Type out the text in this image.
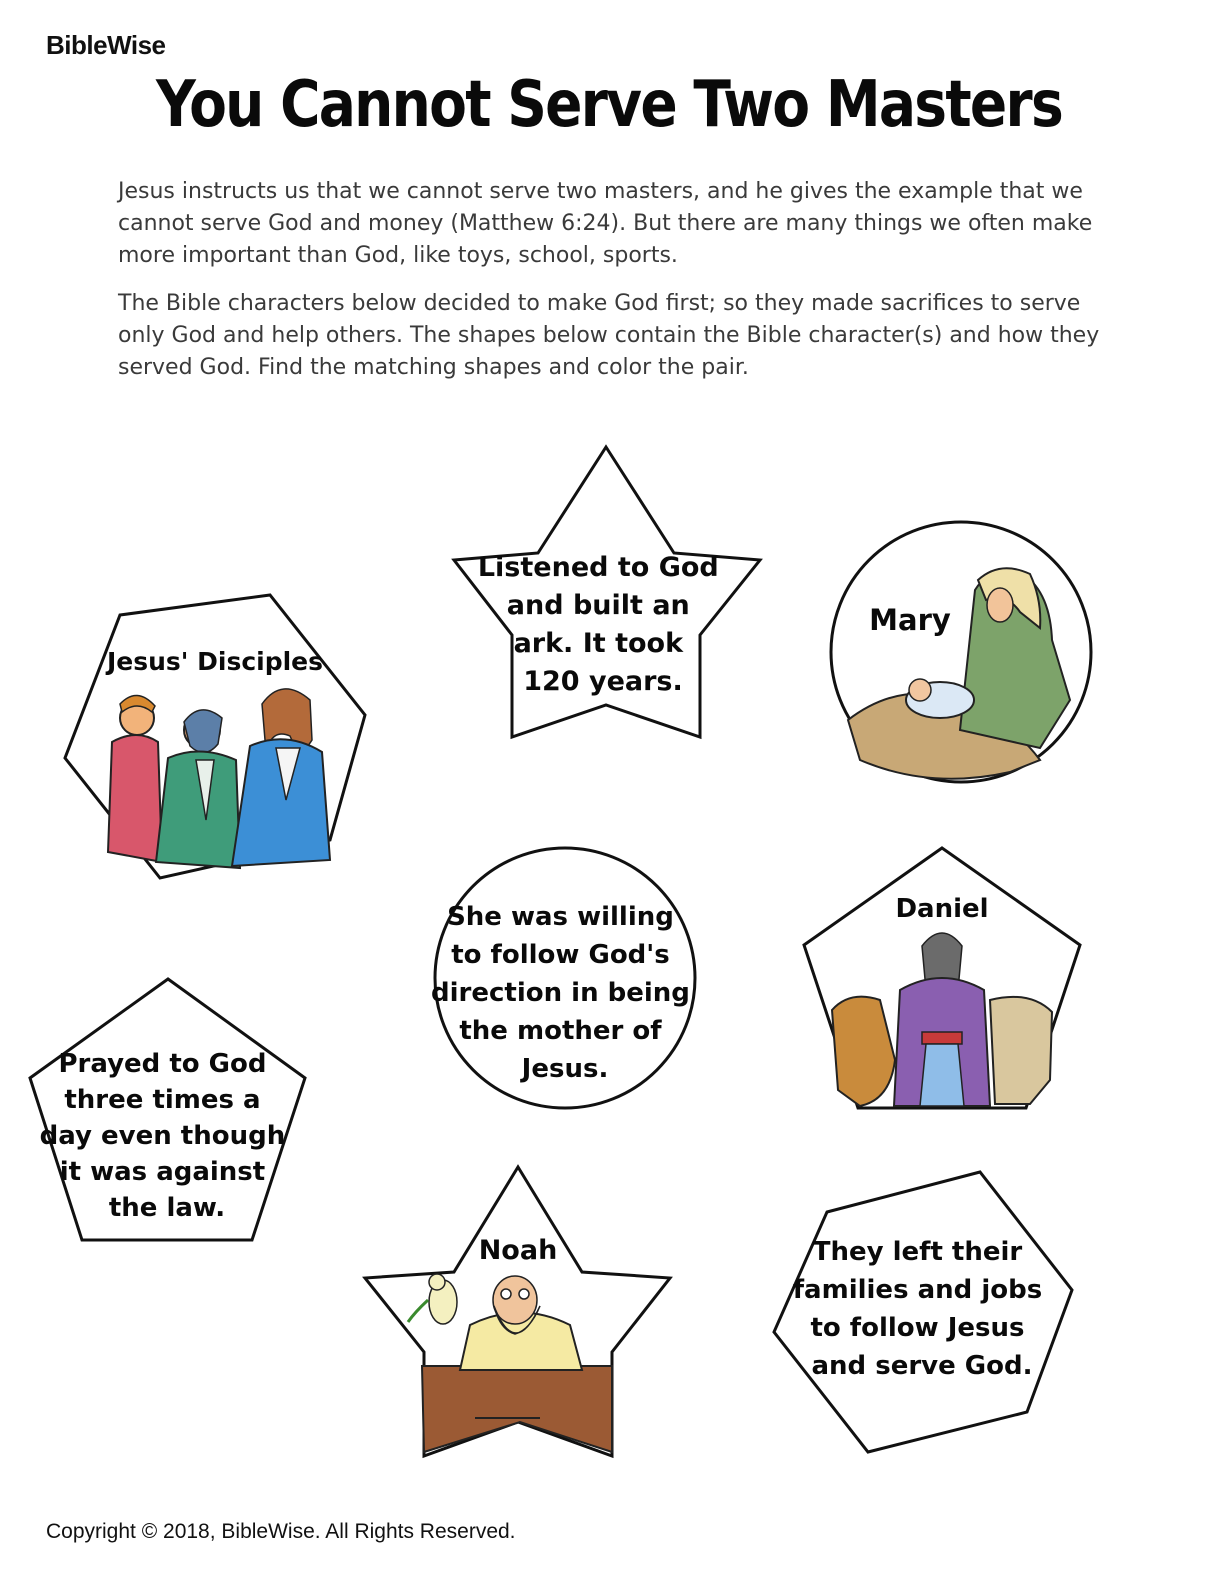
BibleWise
You Cannot Serve Two Masters

Jesus instructs us that we cannot serve two masters, and he gives the example that we cannot serve God and money (Matthew 6:24). But there are many things we often make more important than God, like toys, school, sports.

The Bible characters below decided to make God first; so they made sacrifices to serve only God and help others. The shapes below contain the Bible character(s) and how they served God. Find the matching shapes and color the pair.

Jesus' Disciples
Listened to God and built an ark. It took 120 years.
Mary
She was willing to follow God's direction in being the mother of Jesus.
Daniel
Prayed to God three times a day even though it was against the law.
Noah	They left their families and jobs to follow Jesus and serve God.
Copyright © 2018, BibleWise. All Rights Reserved.
